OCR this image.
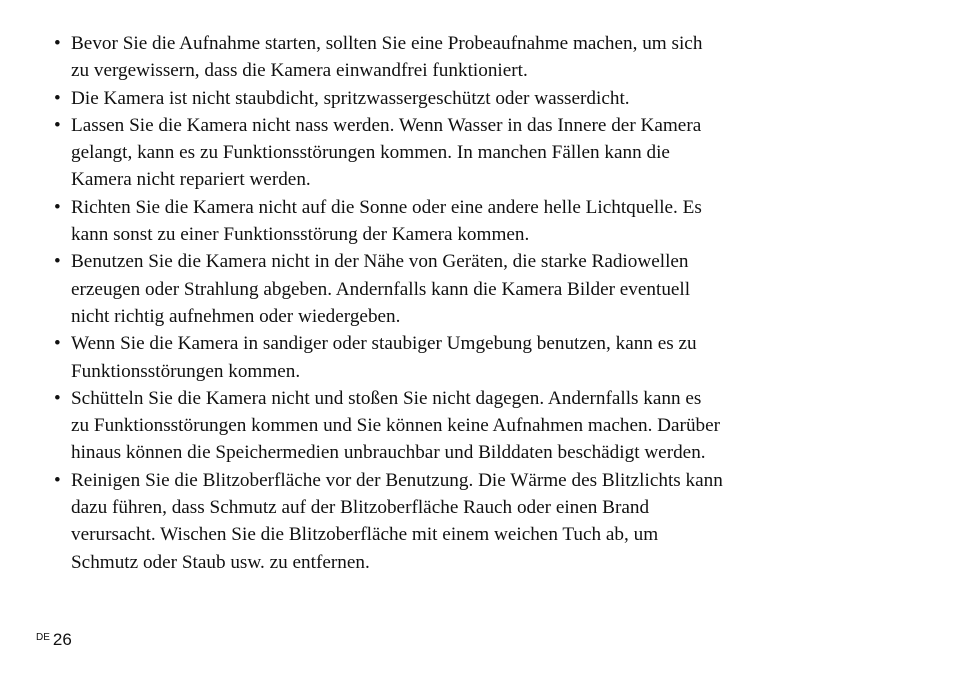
• Bevor Sie die Aufnahme starten, sollten Sie eine Probeaufnahme machen, um sich
zu vergewissern, dass die Kamera einwandfrei funktioniert.
• Die Kamera ist nicht staubdicht, spritzwassergeschützt oder wasserdicht.
• Lassen Sie die Kamera nicht nass werden. Wenn Wasser in das Innere der Kamera
gelangt, kann es zu Funktionsstörungen kommen. In manchen Fällen kann die
Kamera nicht repariert werden.
• Richten Sie die Kamera nicht auf die Sonne oder eine andere helle Lichtquelle. Es
kann sonst zu einer Funktionsstörung der Kamera kommen.
• Benutzen Sie die Kamera nicht in der Nähe von Geräten, die starke Radiowellen
erzeugen oder Strahlung abgeben. Andernfalls kann die Kamera Bilder eventuell
nicht richtig aufnehmen oder wiedergeben.
• Wenn Sie die Kamera in sandiger oder staubiger Umgebung benutzen, kann es zu
Funktionsstörungen kommen.
• Schütteln Sie die Kamera nicht und stoßen Sie nicht dagegen. Andernfalls kann es
zu Funktionsstörungen kommen und Sie können keine Aufnahmen machen. Darüber
hinaus können die Speichermedien unbrauchbar und Bilddaten beschädigt werden.
• Reinigen Sie die Blitzoberfläche vor der Benutzung. Die Wärme des Blitzlichts kann
dazu führen, dass Schmutz auf der Blitzoberfläche Rauch oder einen Brand
verursacht. Wischen Sie die Blitzoberfläche mit einem weichen Tuch ab, um
Schmutz oder Staub usw. zu entfernen.
$^{DE}$ 26
